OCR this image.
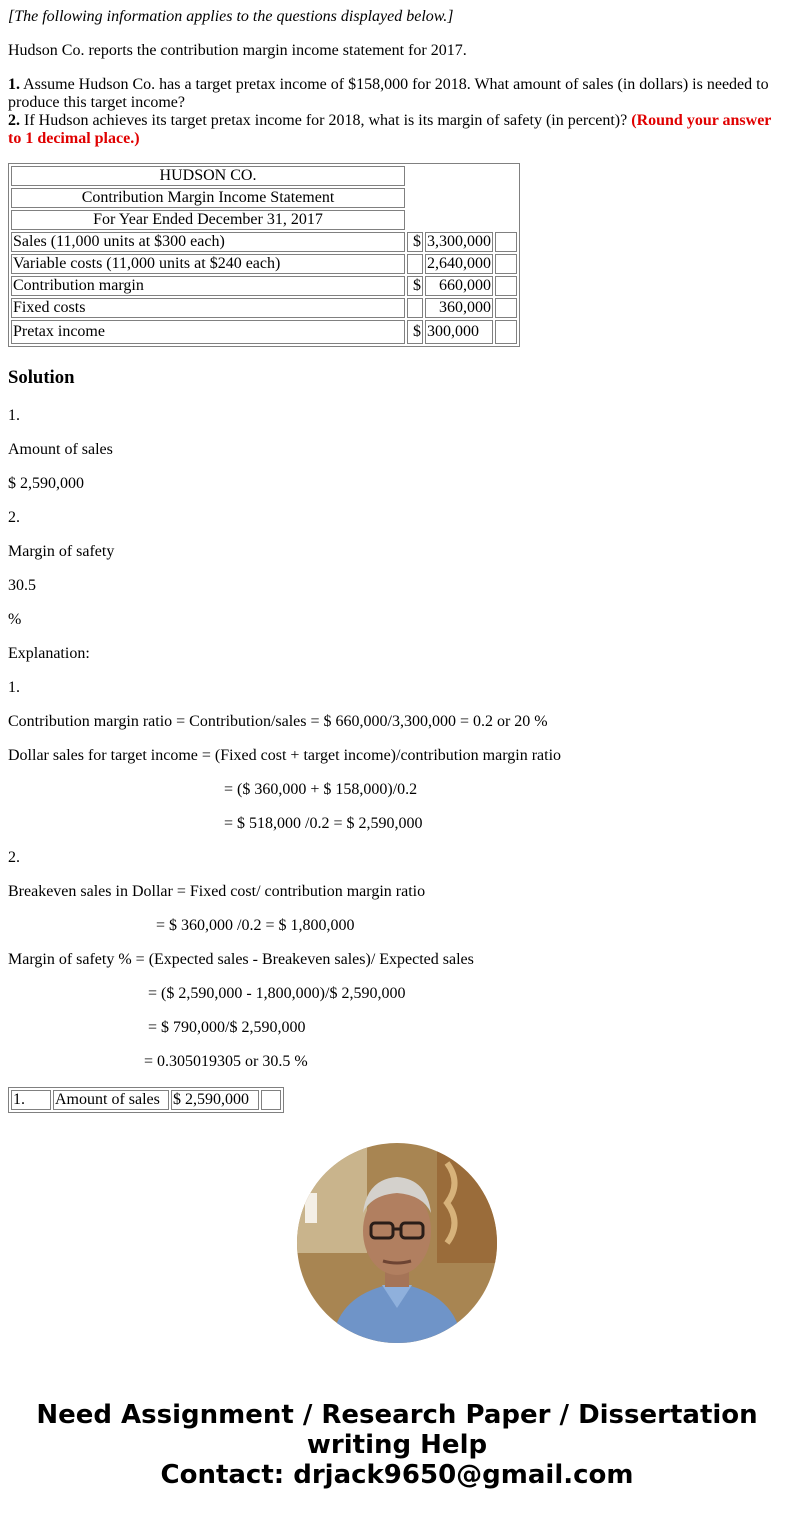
[The following information applies to the questions displayed below.]

Hudson Co. reports the contribution margin income statement for 2017.

1. Assume Hudson Co. has a target pretax income of $158,000 for 2018. What amount of sales (in dollars) is needed to produce this target income?

2. If Hudson achieves its target pretax income for 2018, what is its margin of safety (in percent)? (Round your answer to 1 decimal place.)

HUDSON CO.			
Contribution Margin Income Statement			
For Year Ended December 31, 2017			
Sales (11,000 units at $300 each)	$	3,300,000	
Variable costs (11,000 units at $240 each)		2,640,000	
Contribution margin	$	660,000	
Fixed costs		360,000	
Pretax income	$	300,000	
Solution

1.

Amount of sales

$ 2,590,000

2.

Margin of safety

30.5

%

Explanation:

1.

Contribution margin ratio = Contribution/sales = $ 660,000/3,300,000 = 0.2 or 20 %

Dollar sales for target income = (Fixed cost + target income)/contribution margin ratio

= ($ 360,000 + $ 158,000)/0.2

= $ 518,000 /0.2 = $ 2,590,000

2.

Breakeven sales in Dollar = Fixed cost/ contribution margin ratio

= $ 360,000 /0.2 = $ 1,800,000

Margin of safety % = (Expected sales - Breakeven sales)/ Expected sales

= ($ 2,590,000 - 1,800,000)/$ 2,590,000

= $ 790,000/$ 2,590,000

= 0.305019305 or 30.5 %

1.	Amount of sales	$ 2,590,000	
Need Assignment / Research Paper / Dissertation writing Help
Contact: drjack9650@gmail.com
